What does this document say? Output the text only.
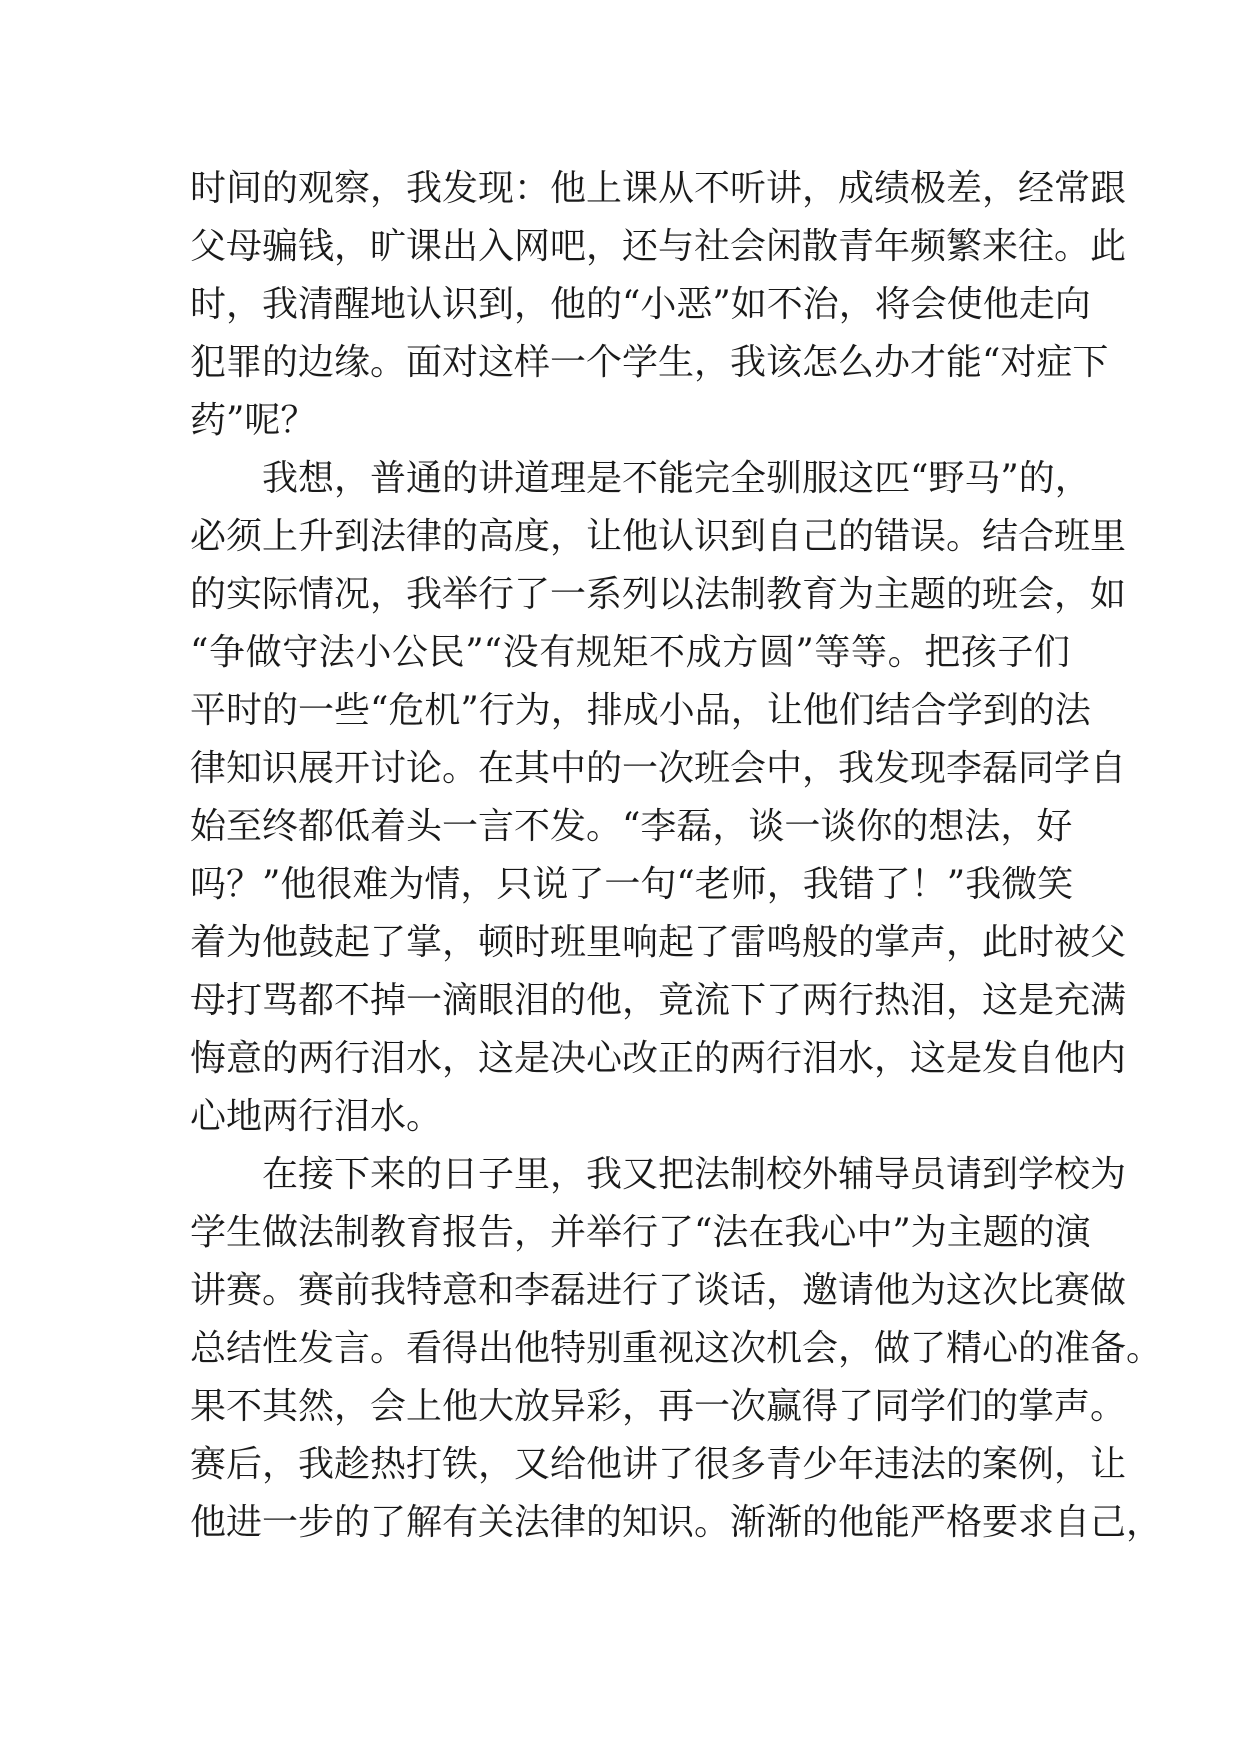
时间的观察，我发现：他上课从不听讲，成绩极差，经常跟
父母骗钱，旷课出入网吧，还与社会闲散青年频繁来往。此
时，我清醒地认识到，他的“小恶”如不治，将会使他走向
犯罪的边缘。面对这样一个学生，我该怎么办才能“对症下
药”呢？
我想，普通的讲道理是不能完全驯服这匹“野马”的，
必须上升到法律的高度，让他认识到自己的错误。结合班里
的实际情况，我举行了一系列以法制教育为主题的班会，如
“争做守法小公民”“没有规矩不成方圆”等等。把孩子们
平时的一些“危机”行为，排成小品，让他们结合学到的法
律知识展开讨论。在其中的一次班会中，我发现李磊同学自
始至终都低着头一言不发。“李磊，谈一谈你的想法，好
吗？”他很难为情，只说了一句“老师，我错了！”我微笑
着为他鼓起了掌，顿时班里响起了雷鸣般的掌声，此时被父
母打骂都不掉一滴眼泪的他，竟流下了两行热泪，这是充满
悔意的两行泪水，这是决心改正的两行泪水，这是发自他内
心地两行泪水。
在接下来的日子里，我又把法制校外辅导员请到学校为
学生做法制教育报告，并举行了“法在我心中”为主题的演
讲赛。赛前我特意和李磊进行了谈话，邀请他为这次比赛做
总结性发言。看得出他特别重视这次机会，做了精心的准备。
果不其然，会上他大放异彩，再一次赢得了同学们的掌声。
赛后，我趁热打铁，又给他讲了很多青少年违法的案例，让
他进一步的了解有关法律的知识。渐渐的他能严格要求自己，
